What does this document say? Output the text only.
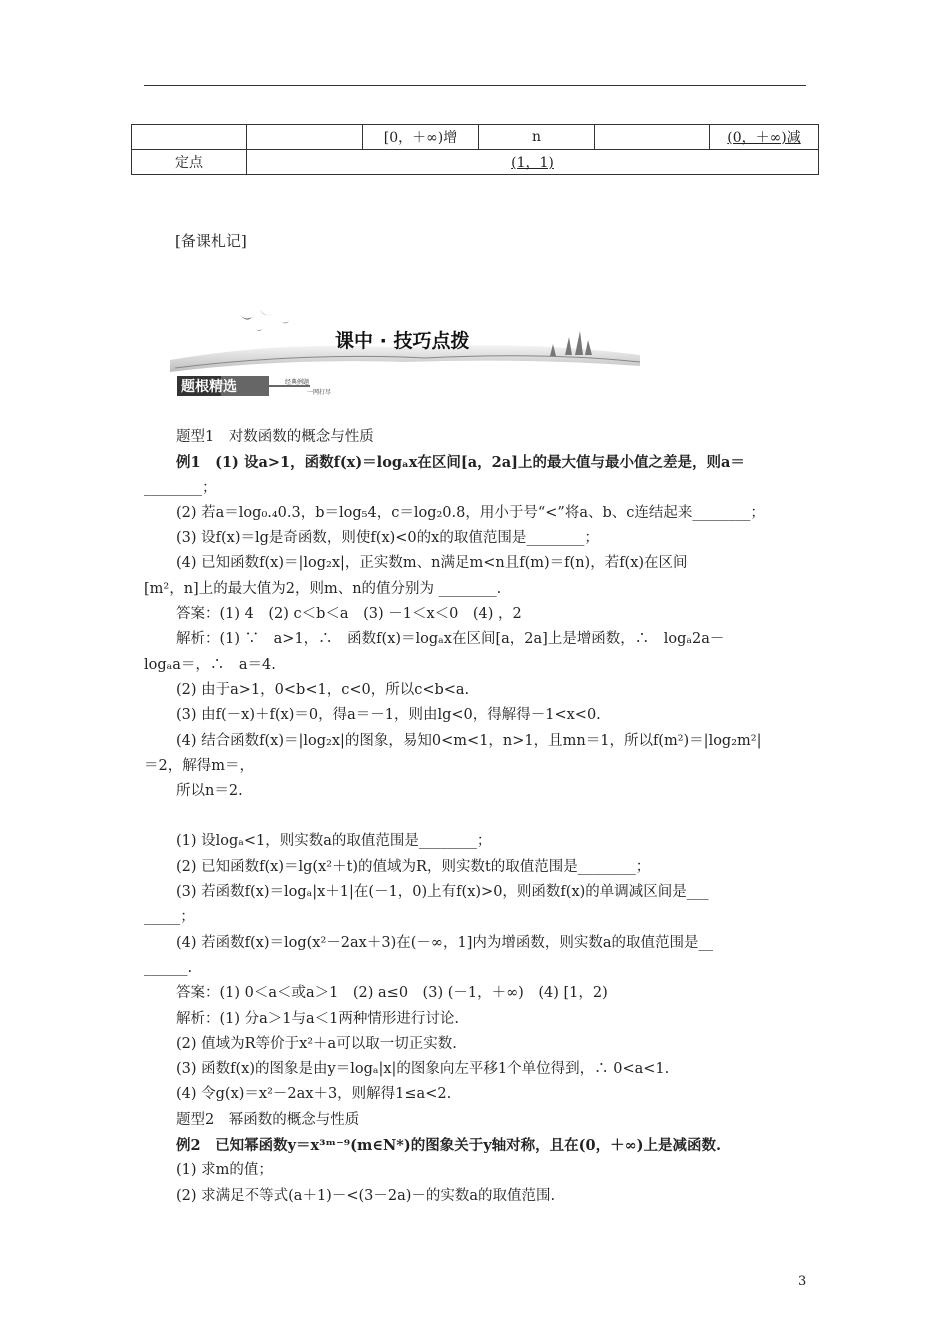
		[0，＋∞)增	n		(0，＋∞)减
定点	(1，1)				
[备课札记]
课中 · 技巧点拨
题根精选	经典例题
一网打尽

题型1　对数函数的概念与性质

例1　(1) 设a>1，函数f(x)＝logₐx在区间[a，2a]上的最大值与最小值之差是，则a＝

________；

(2) 若a＝log₀.₄0.3，b＝log₅4，c＝log₂0.8，用小于号“<”将a、b、c连结起来________；

(3) 设f(x)＝lg是奇函数，则使f(x)<0的x的取值范围是________；

(4) 已知函数f(x)＝|log₂x|，正实数m、n满足m<n且f(m)＝f(n)，若f(x)在区间

[m²，n]上的最大值为2，则m、n的值分别为 ________.

答案：(1) 4　(2) c＜b＜a　(3) －1＜x＜0　(4) ，2

解析：(1) ∵　a>1，∴　函数f(x)＝logₐx在区间[a，2a]上是增函数，∴　logₐ2a－

logₐa＝，∴　a＝4.

(2) 由于a>1，0<b<1，c<0，所以c<b<a.

(3) 由f(－x)＋f(x)＝0，得a＝－1，则由lg<0，得解得－1<x<0.

(4) 结合函数f(x)＝|log₂x|的图象，易知0<m<1，n>1，且mn＝1，所以f(m²)＝|log₂m²|

＝2，解得m＝，

所以n＝2.

(1) 设logₐ<1，则实数a的取值范围是________；

(2) 已知函数f(x)＝lg(x²＋t)的值域为R，则实数t的取值范围是________；

(3) 若函数f(x)＝logₐ|x＋1|在(－1，0)上有f(x)>0，则函数f(x)的单调减区间是___

_____；

(4) 若函数f(x)＝log(x²－2ax＋3)在(－∞，1]内为增函数，则实数a的取值范围是__

______.

答案：(1) 0＜a＜或a＞1　(2) a≤0　(3) (－1，＋∞)　(4) [1，2)

解析：(1) 分a＞1与a＜1两种情形进行讨论.

(2) 值域为R等价于x²＋a可以取一切正实数.

(3) 函数f(x)的图象是由y＝logₐ|x|的图象向左平移1个单位得到，∴ 0<a<1.

(4) 令g(x)＝x²－2ax＋3，则解得1≤a<2.

题型2　幂函数的概念与性质

例2　已知幂函数y＝x³ᵐ⁻⁹(m∈N*)的图象关于y轴对称，且在(0，＋∞)上是减函数.

(1) 求m的值；

(2) 求满足不等式(a＋1)－<(3－2a)－的实数a的取值范围.

3
